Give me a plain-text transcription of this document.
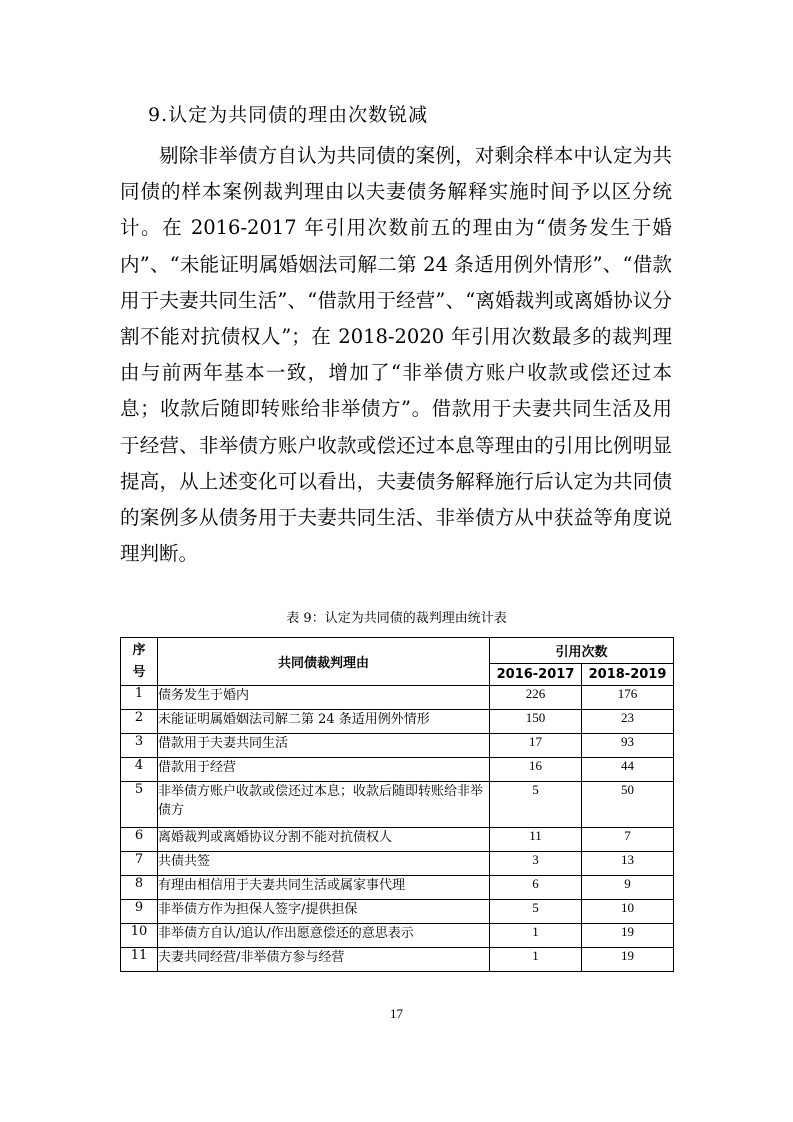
9.认定为共同债的理由次数锐减

剔除非举债方自认为共同债的案例，对剩余样本中认定为共同债的样本案例裁判理由以夫妻债务解释实施时间予以区分统计。在 2016-2017 年引用次数前五的理由为“债务发生于婚内”、“未能证明属婚姻法司解二第 24 条适用例外情形”、“借款用于夫妻共同生活”、“借款用于经营”、“离婚裁判或离婚协议分割不能对抗债权人”；在 2018-2020 年引用次数最多的裁判理由与前两年基本一致，增加了“非举债方账户收款或偿还过本息；收款后随即转账给非举债方”。借款用于夫妻共同生活及用于经营、非举债方账户收款或偿还过本息等理由的引用比例明显提高，从上述变化可以看出，夫妻债务解释施行后认定为共同债的案例多从债务用于夫妻共同生活、非举债方从中获益等角度说理判断。

表 9：认定为共同债的裁判理由统计表
序号	共同债裁判理由	引用次数	
		2016-2017	2018-2019
1	债务发生于婚内	226	176
2	未能证明属婚姻法司解二第 24 条适用例外情形	150	23
3	借款用于夫妻共同生活	17	93
4	借款用于经营	16	44
5	非举债方账户收款或偿还过本息；收款后随即转账给非举债方	5	50
6	离婚裁判或离婚协议分割不能对抗债权人	11	7
7	共债共签	3	13
8	有理由相信用于夫妻共同生活或属家事代理	6	9
9	非举债方作为担保人签字/提供担保	5	10
10	非举债方自认/追认/作出愿意偿还的意思表示	1	19
11	夫妻共同经营/非举债方参与经营	1	19
17
